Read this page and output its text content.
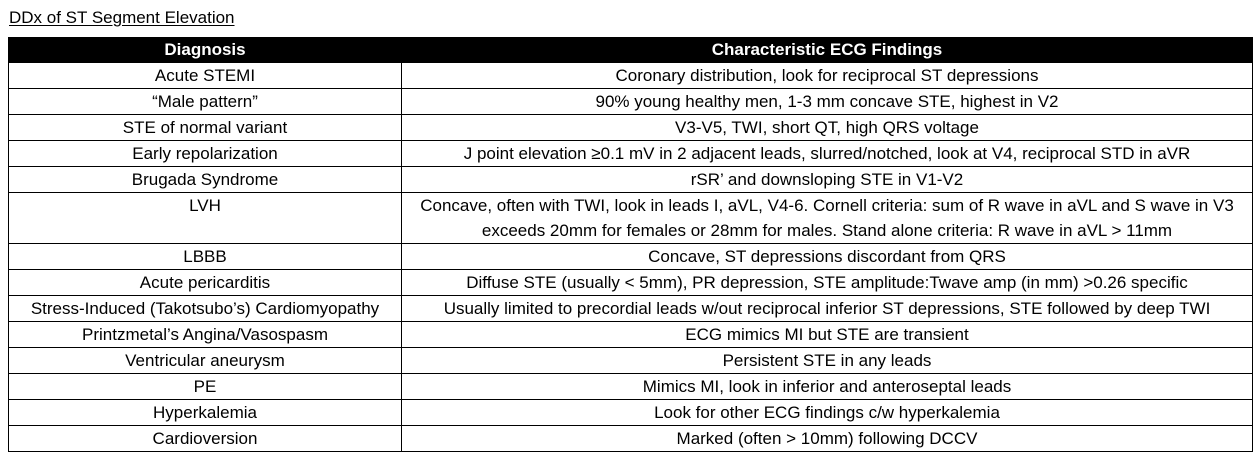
DDx of ST Segment Elevation
Diagnosis	Characteristic ECG Findings
Acute STEMI	Coronary distribution, look for reciprocal ST depressions
“Male pattern”	90% young healthy men, 1-3 mm concave STE, highest in V2
STE of normal variant	V3-V5, TWI, short QT, high QRS voltage
Early repolarization	J point elevation ≥0.1 mV in 2 adjacent leads, slurred/notched, look at V4, reciprocal STD in aVR
Brugada Syndrome	rSR’ and downsloping STE in V1-V2
LVH	Concave, often with TWI, look in leads I, aVL, V4-6. Cornell criteria: sum of R wave in aVL and S wave in V3 exceeds 20mm for females or 28mm for males. Stand alone criteria: R wave in aVL > 11mm
LBBB	Concave, ST depressions discordant from QRS
Acute pericarditis	Diffuse STE (usually < 5mm), PR depression, STE amplitude:Twave amp (in mm) >0.26 specific
Stress-Induced (Takotsubo’s) Cardiomyopathy	Usually limited to precordial leads w/out reciprocal inferior ST depressions, STE followed by deep TWI
Printzmetal’s Angina/Vasospasm	ECG mimics MI but STE are transient
Ventricular aneurysm	Persistent STE in any leads
PE	Mimics MI, look in inferior and anteroseptal leads
Hyperkalemia	Look for other ECG findings c/w hyperkalemia
Cardioversion	Marked (often > 10mm) following DCCV
